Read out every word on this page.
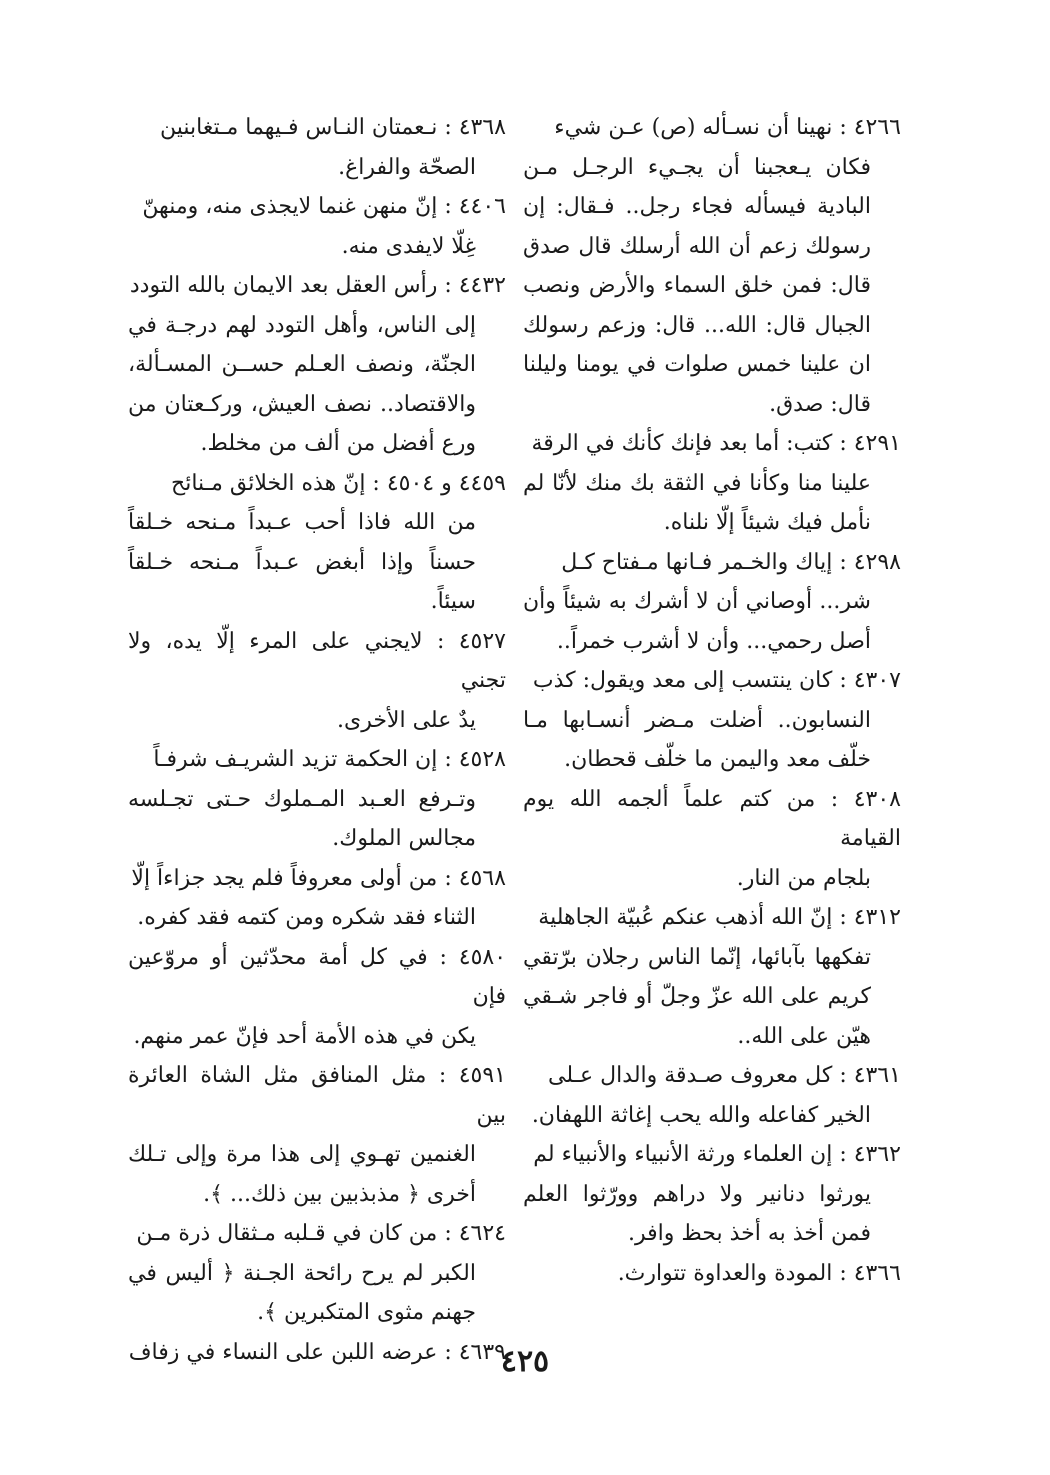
٤٢٦٦ : نهينا أن نسـأله (ص) عـن شيء
فكان يـعجبنا أن يجـيء الرجـل مـن البادية فيسأله فجاء رجل.. فـقال: إن رسولك زعم أن الله أرسلك قال صدق قال: فمن خلق السماء والأرض ونصب الجبال قال: الله... قال: وزعم رسولك ان علينا خمس صلوات في يومنا وليلنا قال: صدق.
٤٢٩١ : كتب: أما بعد فإنك كأنك في الرقة
علينا منا وكأنا في الثقة بك منك لأنّا لم نأمل فيك شيئاً إلّا نلناه.
٤٢٩٨ : إياك والخـمر فـانها مـفتاح كـل
شر... أوصاني أن لا أشرك به شيئاً وأن أصل رحمي... وأن لا أشرب خمراً..
٤٣٠٧ : كان ينتسب إلى معد ويقول: كذب
النسابون.. أضلت مـضر أنسـابها مـا خلّف معد واليمن ما خلّف قحطان.
٤٣٠٨ : من كتم علماً ألجمه الله يوم القيامة
بلجام من النار.
٤٣١٢ : إنّ الله أذهب عنكم عُبيّة الجاهلية
تفكهها بآبائها، إنّما الناس رجلان برّتقي كريم على الله عزّ وجلّ أو فاجر شـقي هيّن على الله..
٤٣٦١ : كل معروف صـدقة والدال عـلى
الخير كفاعله والله يحب إغاثة اللهفان.
٤٣٦٢ : إن العلماء ورثة الأنبياء والأنبياء لم
يورثوا دنانير ولا دراهم وورّثوا العلم فمن أخذ به أخذ بحظ وافر.
٤٣٦٦ : المودة والعداوة تتوارث.
٤٣٦٨ : نـعمتان النـاس فـيهما مـتغابنين
الصحّة والفراغ.
٤٤٠٦ : إنّ منهن غنما لايجذى منه، ومنهنّ
غِلّا لايفدى منه.
٤٤٣٢ : رأس العقل بعد الايمان بالله التودد
إلى الناس، وأهل التودد لهم درجـة في الجنّة، ونصف العـلم حســن المسـألة، والاقتصاد.. نصف العيش، وركـعتان من ورع أفضل من ألف من مخلط.
٤٤٥٩ و ٤٥٠٤ : إنّ هذه الخلائق مـنائح
من الله فاذا أحب عـبداً مـنحه خـلقاً حسناً وإذا أبغض عـبداً مـنحه خـلقاً سيئاً.
٤٥٢٧ : لايجني على المرء إلّا يده، ولا تجني
يدٌ على الأخرى.
٤٥٢٨ : إن الحكمة تزيد الشريـف شرفـاً
وتـرفع العـبد المـملوك حـتى تجـلسه مجالس الملوك.
٤٥٦٨ : من أولى معروفاً فلم يجد جزاءاً إلّا
الثناء فقد شكره ومن كتمه فقد كفره.
٤٥٨٠ : في كل أمة محدّثين أو مروّعين فإن
يكن في هذه الأمة أحد فإنّ عمر منهم.
٤٥٩١ : مثل المنافق مثل الشاة العائرة بين
الغنمين تهـوي إلى هذا مرة وإلى تـلك أخرى ﴿ مذبذبين بين ذلك... ﴾.
٤٦٢٤ : من كان في قـلبه مـثقال ذرة مـن
الكبر لم يرح رائحة الجـنة ﴿ أليس في جهنم مثوى المتكبرين ﴾.
٤٦٣٩ : عرضه اللبن على النساء في زفاف	٤٢٥
